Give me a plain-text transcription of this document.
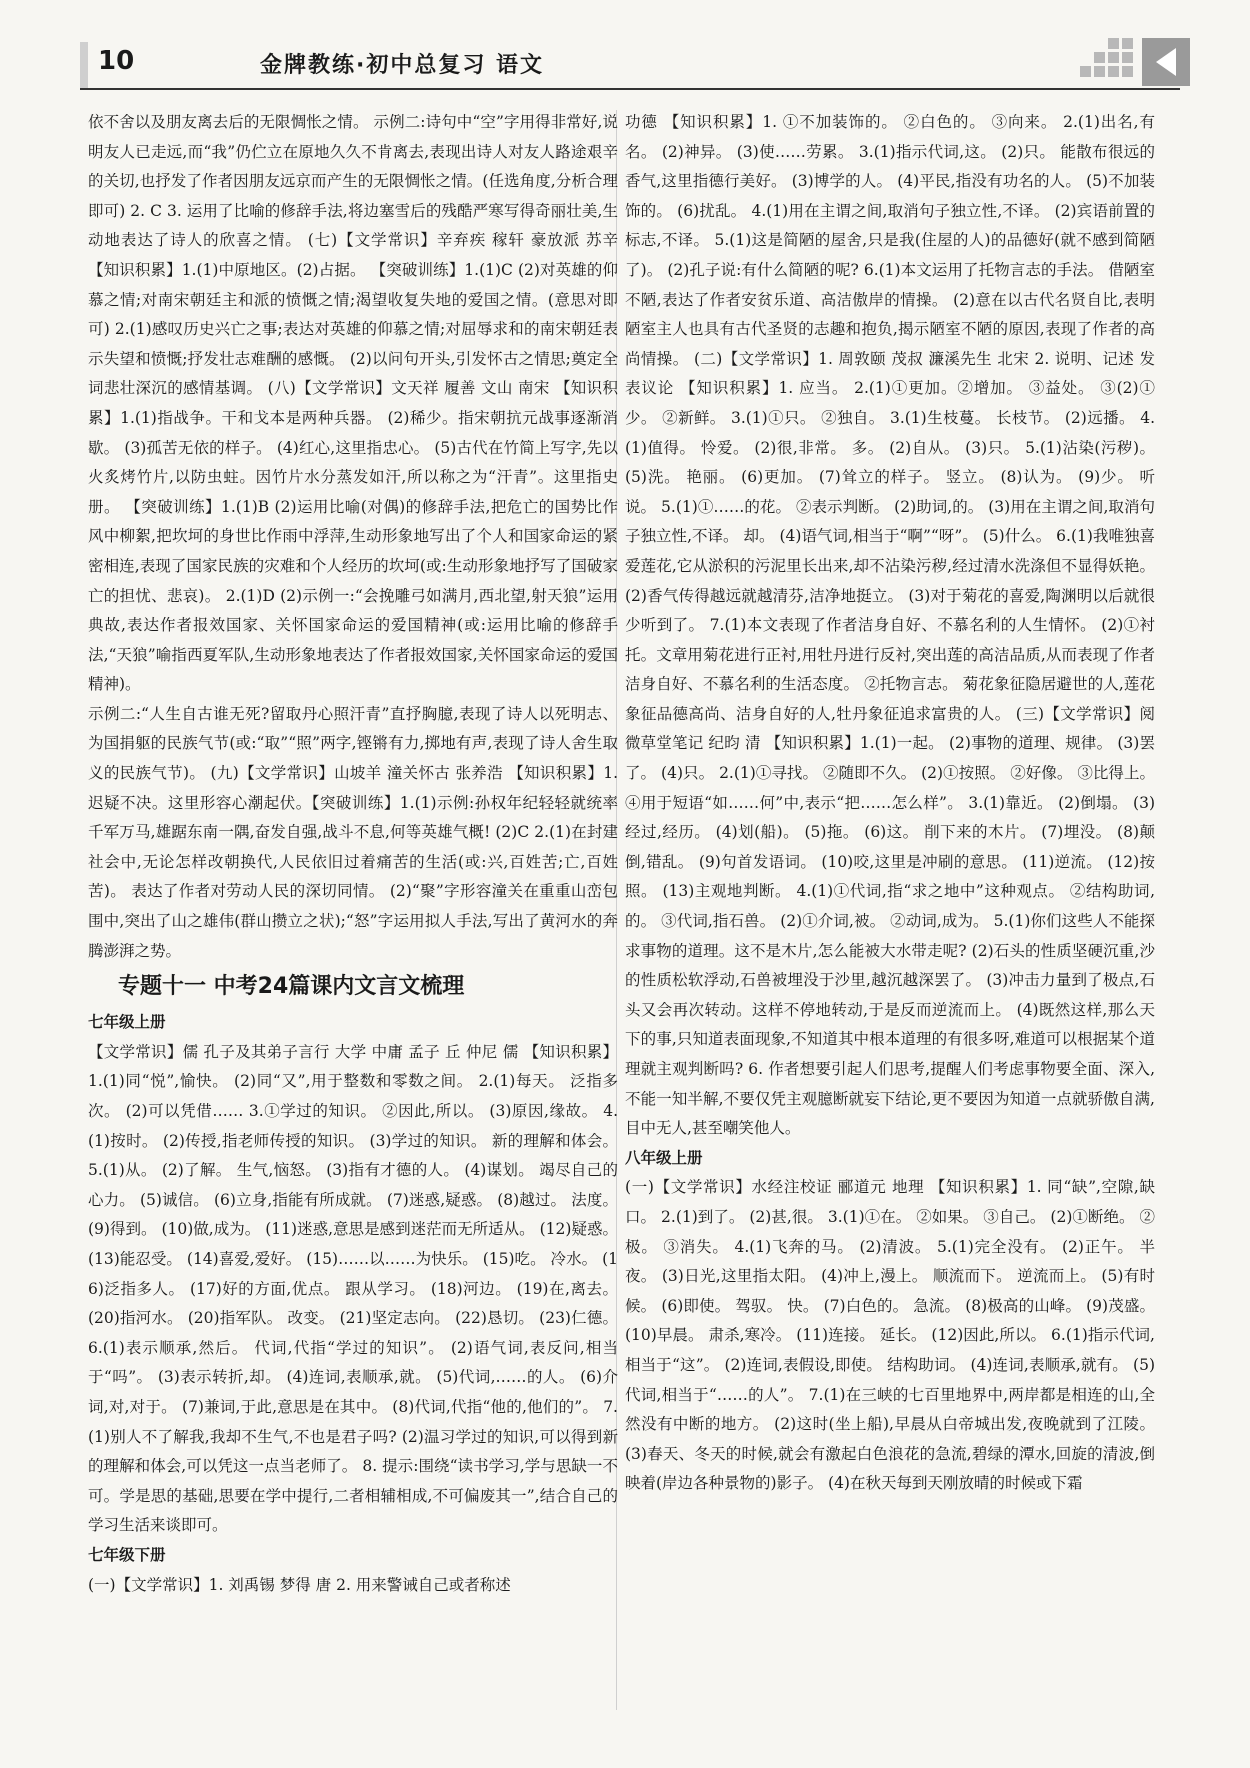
10	金牌教练·初中总复习 语文

依不舍以及朋友离去后的无限惆怅之情。 示例二:诗句中“空”字用得非常好,说明友人已走远,而“我”仍伫立在原地久久不肯离去,表现出诗人对友人路途艰辛的关切,也抒发了作者因朋友远京而产生的无限惆怅之情。(任选角度,分析合理即可) 2. C 3. 运用了比喻的修辞手法,将边塞雪后的残酷严寒写得奇丽壮美,生动地表达了诗人的欣喜之情。 (七)【文学常识】辛弃疾 稼轩 豪放派 苏辛 【知识积累】1.(1)中原地区。(2)占据。 【突破训练】1.(1)C (2)对英雄的仰慕之情;对南宋朝廷主和派的愤慨之情;渴望收复失地的爱国之情。(意思对即可) 2.(1)感叹历史兴亡之事;表达对英雄的仰慕之情;对屈辱求和的南宋朝廷表示失望和愤慨;抒发壮志难酬的感慨。 (2)以问句开头,引发怀古之情思;奠定全词悲壮深沉的感情基调。 (八)【文学常识】文天祥 履善 文山 南宋 【知识积累】1.(1)指战争。干和戈本是两种兵器。 (2)稀少。指宋朝抗元战事逐渐消歇。 (3)孤苦无依的样子。 (4)红心,这里指忠心。 (5)古代在竹简上写字,先以火炙烤竹片,以防虫蛀。因竹片水分蒸发如汗,所以称之为“汗青”。这里指史册。 【突破训练】1.(1)B (2)运用比喻(对偶)的修辞手法,把危亡的国势比作风中柳絮,把坎坷的身世比作雨中浮萍,生动形象地写出了个人和国家命运的紧密相连,表现了国家民族的灾难和个人经历的坎坷(或:生动形象地抒写了国破家亡的担忧、悲哀)。 2.(1)D (2)示例一:“会挽雕弓如满月,西北望,射天狼”运用典故,表达作者报效国家、关怀国家命运的爱国精神(或:运用比喻的修辞手法,“天狼”喻指西夏军队,生动形象地表达了作者报效国家,关怀国家命运的爱国精神)。

示例二:“人生自古谁无死?留取丹心照汗青”直抒胸臆,表现了诗人以死明志、为国捐躯的民族气节(或:“取”“照”两字,铿锵有力,掷地有声,表现了诗人舍生取义的民族气节)。 (九)【文学常识】山坡羊 潼关怀古 张养浩 【知识积累】1. 迟疑不决。这里形容心潮起伏。【突破训练】1.(1)示例:孙权年纪轻轻就统率千军万马,雄踞东南一隅,奋发自强,战斗不息,何等英雄气概! (2)C 2.(1)在封建社会中,无论怎样改朝换代,人民依旧过着痛苦的生活(或:兴,百姓苦;亡,百姓苦)。 表达了作者对劳动人民的深切同情。 (2)“聚”字形容潼关在重重山峦包围中,突出了山之雄伟(群山攒立之状);“怒”字运用拟人手法,写出了黄河水的奔腾澎湃之势。

专题十一 中考24篇课内文言文梳理
七年级上册

【文学常识】儒 孔子及其弟子言行 大学 中庸 孟子 丘 仲尼 儒 【知识积累】1.(1)同“悦”,愉快。 (2)同“又”,用于整数和零数之间。 2.(1)每天。 泛指多次。 (2)可以凭借…… 3.①学过的知识。 ②因此,所以。 (3)原因,缘故。 4.(1)按时。 (2)传授,指老师传授的知识。 (3)学过的知识。 新的理解和体会。 5.(1)从。 (2)了解。 生气,恼怒。 (3)指有才德的人。 (4)谋划。 竭尽自己的心力。 (5)诚信。 (6)立身,指能有所成就。 (7)迷惑,疑惑。 (8)越过。 法度。 (9)得到。 (10)做,成为。 (11)迷惑,意思是感到迷茫而无所适从。 (12)疑惑。 (13)能忍受。 (14)喜爱,爱好。 (15)……以……为快乐。 (15)吃。 冷水。 (16)泛指多人。 (17)好的方面,优点。 跟从学习。 (18)河边。 (19)在,离去。 (20)指河水。 (20)指军队。 改变。 (21)坚定志向。 (22)恳切。 (23)仁德。 6.(1)表示顺承,然后。 代词,代指“学过的知识”。 (2)语气词,表反问,相当于“吗”。 (3)表示转折,却。 (4)连词,表顺承,就。 (5)代词,……的人。 (6)介词,对,对于。 (7)兼词,于此,意思是在其中。 (8)代词,代指“他的,他们的”。 7.(1)别人不了解我,我却不生气,不也是君子吗? (2)温习学过的知识,可以得到新的理解和体会,可以凭这一点当老师了。 8. 提示:围绕“读书学习,学与思缺一不可。学是思的基础,思要在学中提行,二者相辅相成,不可偏废其一”,结合自己的学习生活来谈即可。

七年级下册

(一)【文学常识】1. 刘禹锡 梦得 唐 2. 用来警诫自己或者称述

功德 【知识积累】1. ①不加装饰的。 ②白色的。 ③向来。 2.(1)出名,有名。 (2)神异。 (3)使……劳累。 3.(1)指示代词,这。 (2)只。 能散布很远的香气,这里指德行美好。 (3)博学的人。 (4)平民,指没有功名的人。 (5)不加装饰的。 (6)扰乱。 4.(1)用在主谓之间,取消句子独立性,不译。 (2)宾语前置的标志,不译。 5.(1)这是简陋的屋舍,只是我(住屋的人)的品德好(就不感到简陋了)。 (2)孔子说:有什么简陋的呢? 6.(1)本文运用了托物言志的手法。 借陋室不陋,表达了作者安贫乐道、高洁傲岸的情操。 (2)意在以古代名贤自比,表明陋室主人也具有古代圣贤的志趣和抱负,揭示陋室不陋的原因,表现了作者的高尚情操。 (二)【文学常识】1. 周敦颐 茂叔 濂溪先生 北宋 2. 说明、记述 发表议论 【知识积累】1. 应当。 2.(1)①更加。②增加。 ③益处。 ③(2)①少。 ②新鲜。 3.(1)①只。 ②独自。 3.(1)生枝蔓。 长枝节。 (2)远播。 4.(1)值得。 怜爱。 (2)很,非常。 多。 (2)自从。 (3)只。 5.(1)沾染(污秽)。 (5)洗。 艳丽。 (6)更加。 (7)耸立的样子。 竖立。 (8)认为。 (9)少。 听说。 5.(1)①……的花。 ②表示判断。 (2)助词,的。 (3)用在主谓之间,取消句子独立性,不译。 却。 (4)语气词,相当于“啊”“呀”。 (5)什么。 6.(1)我唯独喜爱莲花,它从淤积的污泥里长出来,却不沾染污秽,经过清水洗涤但不显得妖艳。 (2)香气传得越远就越清芬,洁净地挺立。 (3)对于菊花的喜爱,陶渊明以后就很少听到了。 7.(1)本文表现了作者洁身自好、不慕名利的人生情怀。 (2)①衬托。文章用菊花进行正衬,用牡丹进行反衬,突出莲的高洁品质,从而表现了作者洁身自好、不慕名利的生活态度。 ②托物言志。 菊花象征隐居避世的人,莲花象征品德高尚、洁身自好的人,牡丹象征追求富贵的人。 (三)【文学常识】阅微草堂笔记 纪昀 清 【知识积累】1.(1)一起。 (2)事物的道理、规律。 (3)罢了。 (4)只。 2.(1)①寻找。 ②随即不久。 (2)①按照。 ②好像。 ③比得上。 ④用于短语“如……何”中,表示“把……怎么样”。 3.(1)靠近。 (2)倒塌。 (3)经过,经历。 (4)划(船)。 (5)拖。 (6)这。 削下来的木片。 (7)埋没。 (8)颠倒,错乱。 (9)句首发语词。 (10)咬,这里是冲刷的意思。 (11)逆流。 (12)按照。 (13)主观地判断。 4.(1)①代词,指“求之地中”这种观点。 ②结构助词,的。 ③代词,指石兽。 (2)①介词,被。 ②动词,成为。 5.(1)你们这些人不能探求事物的道理。这不是木片,怎么能被大水带走呢? (2)石头的性质坚硬沉重,沙的性质松软浮动,石兽被埋没于沙里,越沉越深罢了。 (3)冲击力量到了极点,石头又会再次转动。这样不停地转动,于是反而逆流而上。 (4)既然这样,那么天下的事,只知道表面现象,不知道其中根本道理的有很多呀,难道可以根据某个道理就主观判断吗? 6. 作者想要引起人们思考,提醒人们考虑事物要全面、深入,不能一知半解,不要仅凭主观臆断就妄下结论,更不要因为知道一点就骄傲自满,目中无人,甚至嘲笑他人。

八年级上册

(一)【文学常识】水经注校证 郦道元 地理 【知识积累】1. 同“缺”,空隙,缺口。 2.(1)到了。 (2)甚,很。 3.(1)①在。 ②如果。 ③自己。 (2)①断绝。 ②极。 ③消失。 4.(1)飞奔的马。 (2)清波。 5.(1)完全没有。 (2)正午。 半夜。 (3)日光,这里指太阳。 (4)冲上,漫上。 顺流而下。 逆流而上。 (5)有时候。 (6)即使。 驾驭。 快。 (7)白色的。 急流。 (8)极高的山峰。 (9)茂盛。 (10)早晨。 肃杀,寒冷。 (11)连接。 延长。 (12)因此,所以。 6.(1)指示代词,相当于“这”。 (2)连词,表假设,即使。 结构助词。 (4)连词,表顺承,就有。 (5)代词,相当于“……的人”。 7.(1)在三峡的七百里地界中,两岸都是相连的山,全然没有中断的地方。 (2)这时(坐上船),早晨从白帝城出发,夜晚就到了江陵。 (3)春天、冬天的时候,就会有激起白色浪花的急流,碧绿的潭水,回旋的清波,倒映着(岸边各种景物的)影子。 (4)在秋天每到天刚放晴的时候或下霜
